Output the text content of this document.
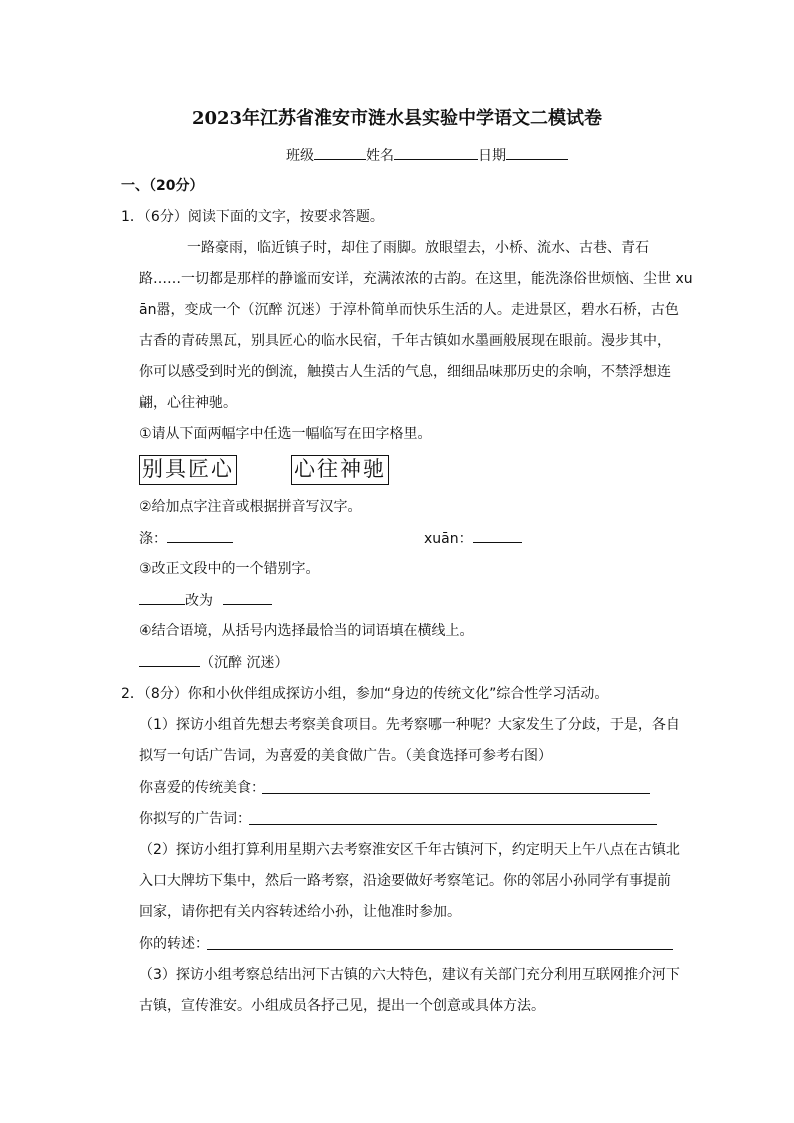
2023年江苏省淮安市涟水县实验中学语文二模试卷
班级	姓名	日期
一、（20分）
1．（6分）阅读下面的文字，按要求答题。
一路豪雨，临近镇子时，却住了雨脚。放眼望去，小桥、流水、古巷、青石
路……一切都是那样的静谧而安详，充满浓浓的古韵。在这里，能洗涤俗世烦恼、尘世 xu
ān嚣，变成一个（沉醉 沉迷）于淳朴简单而快乐生活的人。走进景区，碧水石桥，古色
古香的青砖黑瓦，别具匠心的临水民宿，千年古镇如水墨画般展现在眼前。漫步其中，
你可以感受到时光的倒流，触摸古人生活的气息，细细品味那历史的余响，不禁浮想连
翩，心往神驰。
①请从下面两幅字中任选一幅临写在田字格里。
别具匠心	心往神驰
②给加点字注音或根据拼音写汉字。
涤：	xuān：
③改正文段中的一个错别字。
改为
④结合语境，从括号内选择最恰当的词语填在横线上。
（沉醉 沉迷）
2．（8分）你和小伙伴组成探访小组，参加“身边的传统文化”综合性学习活动。
（1）探访小组首先想去考察美食项目。先考察哪一种呢？大家发生了分歧，于是，各自
拟写一句话广告词，为喜爱的美食做广告。（美食选择可参考右图）
你喜爱的传统美食：
你拟写的广告词：
（2）探访小组打算利用星期六去考察淮安区千年古镇河下，约定明天上午八点在古镇北
入口大牌坊下集中，然后一路考察，沿途要做好考察笔记。你的邻居小孙同学有事提前
回家，请你把有关内容转述给小孙，让他准时参加。
你的转述：
（3）探访小组考察总结出河下古镇的六大特色，建议有关部门充分利用互联网推介河下
古镇，宣传淮安。小组成员各抒己见，提出一个创意或具体方法。
